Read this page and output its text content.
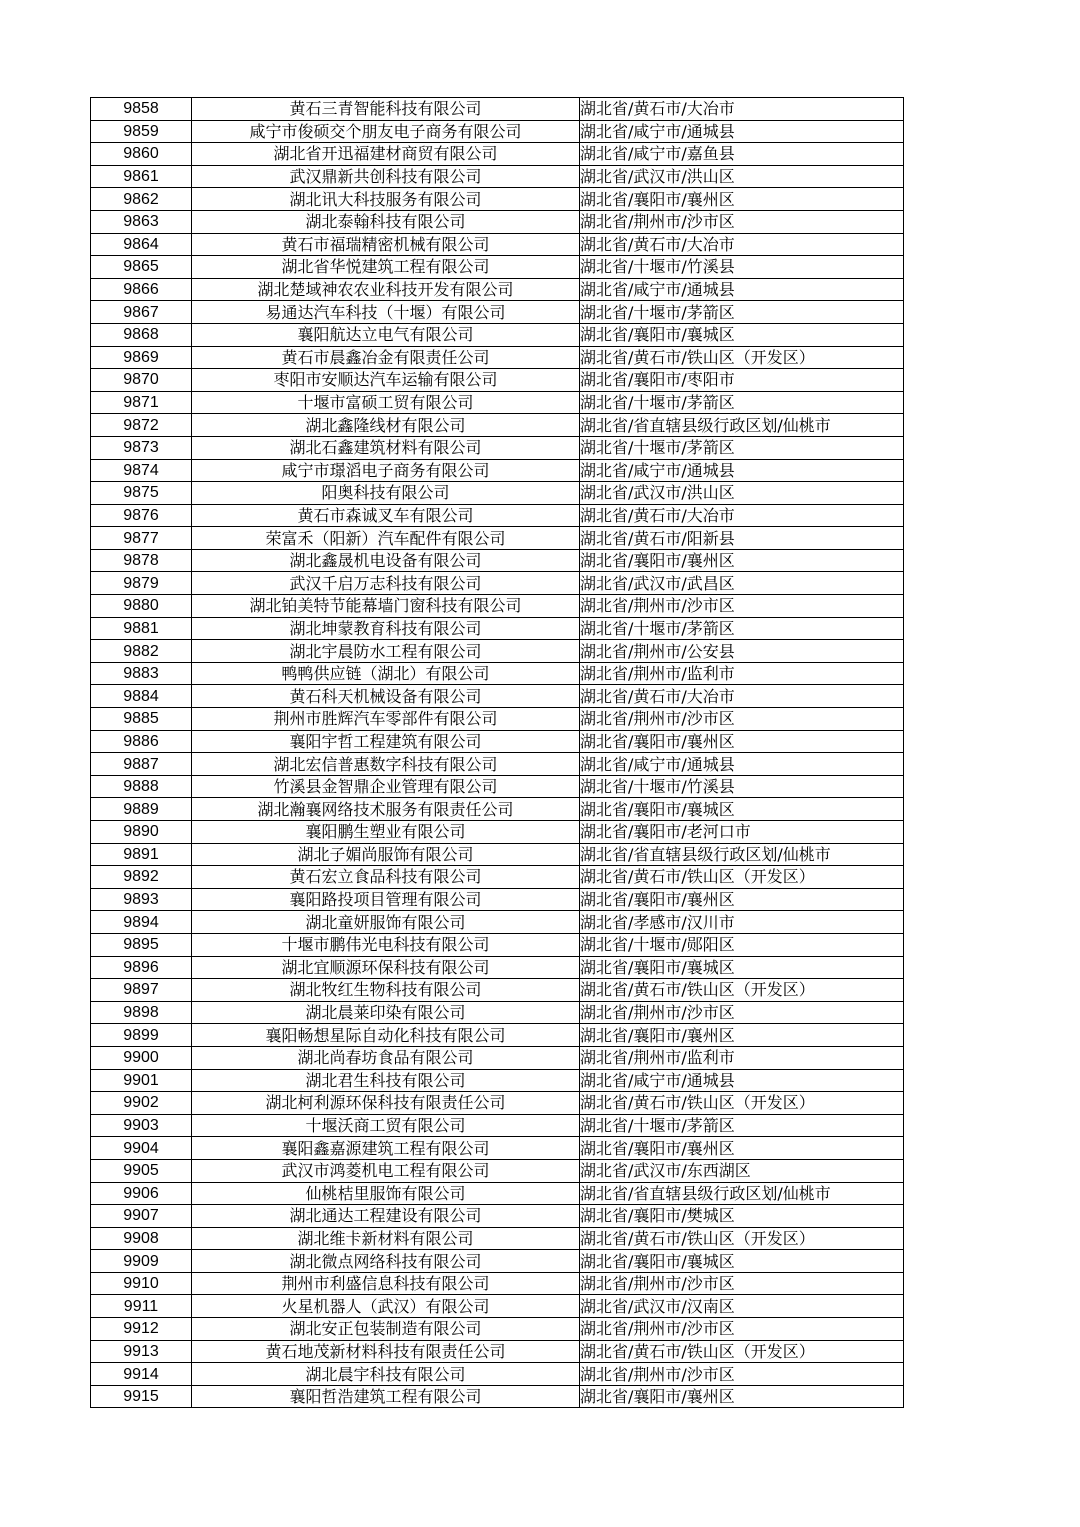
9858	黄石三青智能科技有限公司	湖北省/黄石市/大冶市
9859	咸宁市俊硕交个朋友电子商务有限公司	湖北省/咸宁市/通城县
9860	湖北省开迅福建材商贸有限公司	湖北省/咸宁市/嘉鱼县
9861	武汉鼎新共创科技有限公司	湖北省/武汉市/洪山区
9862	湖北讯大科技服务有限公司	湖北省/襄阳市/襄州区
9863	湖北泰翰科技有限公司	湖北省/荆州市/沙市区
9864	黄石市福瑞精密机械有限公司	湖北省/黄石市/大冶市
9865	湖北省华悦建筑工程有限公司	湖北省/十堰市/竹溪县
9866	湖北楚域神农农业科技开发有限公司	湖北省/咸宁市/通城县
9867	易通达汽车科技（十堰）有限公司	湖北省/十堰市/茅箭区
9868	襄阳航达立电气有限公司	湖北省/襄阳市/襄城区
9869	黄石市晨鑫冶金有限责任公司	湖北省/黄石市/铁山区（开发区）
9870	枣阳市安顺达汽车运输有限公司	湖北省/襄阳市/枣阳市
9871	十堰市富硕工贸有限公司	湖北省/十堰市/茅箭区
9872	湖北鑫隆线材有限公司	湖北省/省直辖县级行政区划/仙桃市
9873	湖北石鑫建筑材料有限公司	湖北省/十堰市/茅箭区
9874	咸宁市璟滔电子商务有限公司	湖北省/咸宁市/通城县
9875	阳奥科技有限公司	湖北省/武汉市/洪山区
9876	黄石市森诚叉车有限公司	湖北省/黄石市/大冶市
9877	荣富禾（阳新）汽车配件有限公司	湖北省/黄石市/阳新县
9878	湖北鑫晟机电设备有限公司	湖北省/襄阳市/襄州区
9879	武汉千启万志科技有限公司	湖北省/武汉市/武昌区
9880	湖北铂美特节能幕墙门窗科技有限公司	湖北省/荆州市/沙市区
9881	湖北坤蒙教育科技有限公司	湖北省/十堰市/茅箭区
9882	湖北宇晨防水工程有限公司	湖北省/荆州市/公安县
9883	鸭鸭供应链（湖北）有限公司	湖北省/荆州市/监利市
9884	黄石科天机械设备有限公司	湖北省/黄石市/大冶市
9885	荆州市胜辉汽车零部件有限公司	湖北省/荆州市/沙市区
9886	襄阳宇哲工程建筑有限公司	湖北省/襄阳市/襄州区
9887	湖北宏信普惠数字科技有限公司	湖北省/咸宁市/通城县
9888	竹溪县金智鼎企业管理有限公司	湖北省/十堰市/竹溪县
9889	湖北瀚襄网络技术服务有限责任公司	湖北省/襄阳市/襄城区
9890	襄阳鹏生塑业有限公司	湖北省/襄阳市/老河口市
9891	湖北子媚尚服饰有限公司	湖北省/省直辖县级行政区划/仙桃市
9892	黄石宏立食品科技有限公司	湖北省/黄石市/铁山区（开发区）
9893	襄阳路投项目管理有限公司	湖北省/襄阳市/襄州区
9894	湖北童妍服饰有限公司	湖北省/孝感市/汉川市
9895	十堰市鹏伟光电科技有限公司	湖北省/十堰市/郧阳区
9896	湖北宜顺源环保科技有限公司	湖北省/襄阳市/襄城区
9897	湖北牧红生物科技有限公司	湖北省/黄石市/铁山区（开发区）
9898	湖北晨莱印染有限公司	湖北省/荆州市/沙市区
9899	襄阳畅想星际自动化科技有限公司	湖北省/襄阳市/襄州区
9900	湖北尚春坊食品有限公司	湖北省/荆州市/监利市
9901	湖北君生科技有限公司	湖北省/咸宁市/通城县
9902	湖北柯利源环保科技有限责任公司	湖北省/黄石市/铁山区（开发区）
9903	十堰沃商工贸有限公司	湖北省/十堰市/茅箭区
9904	襄阳鑫嘉源建筑工程有限公司	湖北省/襄阳市/襄州区
9905	武汉市鸿菱机电工程有限公司	湖北省/武汉市/东西湖区
9906	仙桃桔里服饰有限公司	湖北省/省直辖县级行政区划/仙桃市
9907	湖北通达工程建设有限公司	湖北省/襄阳市/樊城区
9908	湖北维卡新材料有限公司	湖北省/黄石市/铁山区（开发区）
9909	湖北微点网络科技有限公司	湖北省/襄阳市/襄城区
9910	荆州市利盛信息科技有限公司	湖北省/荆州市/沙市区
9911	火星机器人（武汉）有限公司	湖北省/武汉市/汉南区
9912	湖北安正包装制造有限公司	湖北省/荆州市/沙市区
9913	黄石地茂新材料科技有限责任公司	湖北省/黄石市/铁山区（开发区）
9914	湖北晨宇科技有限公司	湖北省/荆州市/沙市区
9915	襄阳哲浩建筑工程有限公司	湖北省/襄阳市/襄州区
